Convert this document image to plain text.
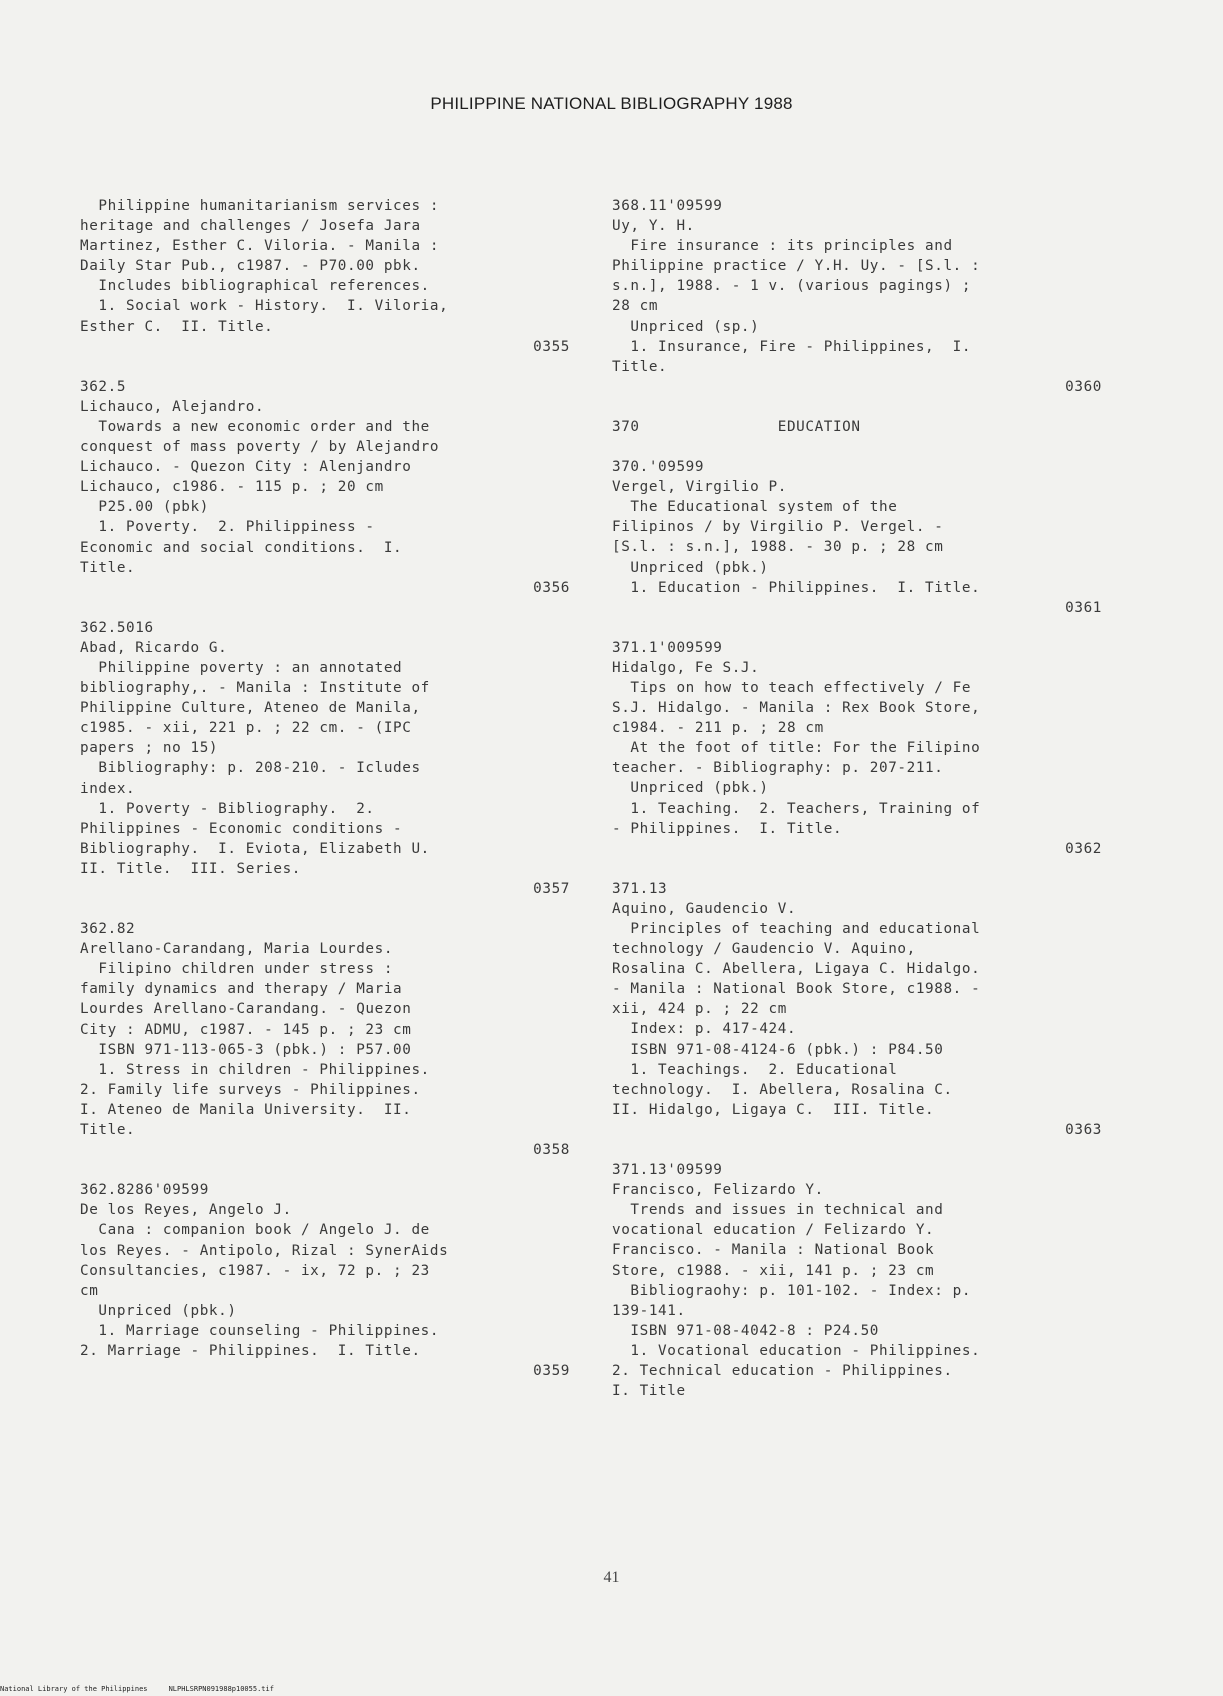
PHILIPPINE NATIONAL BIBLIOGRAPHY 1988
Philippine humanitarianism services :
heritage and challenges / Josefa Jara
Martinez, Esther C. Viloria. - Manila :
Daily Star Pub., c1987. - P70.00 pbk.
Includes bibliographical references.
1. Social work - History.  I. Viloria,
Esther C.  II. Title.
0355
362.5
Lichauco, Alejandro.
Towards a new economic order and the
conquest of mass poverty / by Alejandro
Lichauco. - Quezon City : Alenjandro
Lichauco, c1986. - 115 p. ; 20 cm
P25.00 (pbk)
1. Poverty.  2. Philippiness -
Economic and social conditions.  I.
Title.
0356
362.5016
Abad, Ricardo G.
Philippine poverty : an annotated
bibliography,. - Manila : Institute of
Philippine Culture, Ateneo de Manila,
c1985. - xii, 221 p. ; 22 cm. - (IPC
papers ; no 15)
Bibliography: p. 208-210. - Icludes
index.
1. Poverty - Bibliography.  2.
Philippines - Economic conditions -
Bibliography.  I. Eviota, Elizabeth U.
II. Title.  III. Series.
0357
362.82
Arellano-Carandang, Maria Lourdes.
Filipino children under stress :
family dynamics and therapy / Maria
Lourdes Arellano-Carandang. - Quezon
City : ADMU, c1987. - 145 p. ; 23 cm
ISBN 971-113-065-3 (pbk.) : P57.00
1. Stress in children - Philippines.
2. Family life surveys - Philippines.
I. Ateneo de Manila University.  II.
Title.
0358
362.8286'09599
De los Reyes, Angelo J.
Cana : companion book / Angelo J. de
los Reyes. - Antipolo, Rizal : SynerAids
Consultancies, c1987. - ix, 72 p. ; 23
cm
Unpriced (pbk.)
1. Marriage counseling - Philippines.
2. Marriage - Philippines.  I. Title.
0359
368.11'09599
Uy, Y. H.
Fire insurance : its principles and
Philippine practice / Y.H. Uy. - [S.l. :
s.n.], 1988. - 1 v. (various pagings) ;
28 cm
Unpriced (sp.)
1. Insurance, Fire - Philippines,  I.
Title.
0360
370               EDUCATION
370.'09599
Vergel, Virgilio P.
The Educational system of the
Filipinos / by Virgilio P. Vergel. -
[S.l. : s.n.], 1988. - 30 p. ; 28 cm
Unpriced (pbk.)
1. Education - Philippines.  I. Title.
0361
371.1'009599
Hidalgo, Fe S.J.
Tips on how to teach effectively / Fe
S.J. Hidalgo. - Manila : Rex Book Store,
c1984. - 211 p. ; 28 cm
At the foot of title: For the Filipino
teacher. - Bibliography: p. 207-211.
Unpriced (pbk.)
1. Teaching.  2. Teachers, Training of
- Philippines.  I. Title.
0362
371.13
Aquino, Gaudencio V.
Principles of teaching and educational
technology / Gaudencio V. Aquino,
Rosalina C. Abellera, Ligaya C. Hidalgo.
- Manila : National Book Store, c1988. -
xii, 424 p. ; 22 cm
Index: p. 417-424.
ISBN 971-08-4124-6 (pbk.) : P84.50
1. Teachings.  2. Educational
technology.  I. Abellera, Rosalina C.
II. Hidalgo, Ligaya C.  III. Title.
0363
371.13'09599
Francisco, Felizardo Y.
Trends and issues in technical and
vocational education / Felizardo Y.
Francisco. - Manila : National Book
Store, c1988. - xii, 141 p. ; 23 cm
Bibliograohy: p. 101-102. - Index: p.
139-141.
ISBN 971-08-4042-8 : P24.50
1. Vocational education - Philippines.
2. Technical education - Philippines.
I. Title
41
National Library of the Philippines     NLPHLSRPN091988p10055.tif
